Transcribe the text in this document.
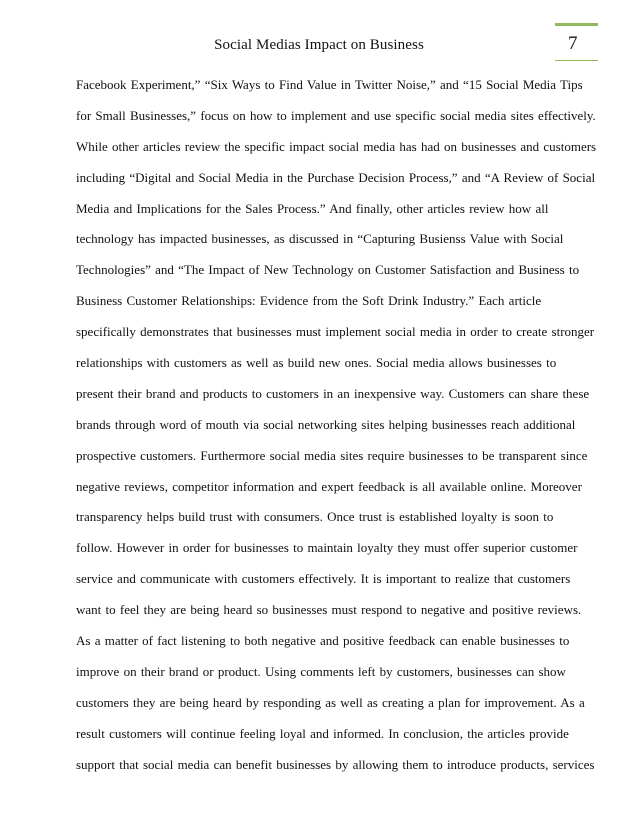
Social Medias Impact on Business	7
Facebook Experiment,” “Six Ways to Find Value in Twitter Noise,” and “15 Social Media Tips
for Small Businesses,” focus on how to implement and use specific social media sites effectively.
While other articles review the specific impact social media has had on businesses and customers
including “Digital and Social Media in the Purchase Decision Process,” and “A Review of Social
Media and Implications for the Sales Process.” And finally, other articles review how all
technology has impacted businesses, as discussed in “Capturing Busienss Value with Social
Technologies” and “The Impact of New Technology on Customer Satisfaction and Business to
Business Customer Relationships: Evidence from the Soft Drink Industry.” Each article
specifically demonstrates that businesses must implement social media in order to create stronger
relationships with customers as well as build new ones. Social media allows businesses to
present their brand and products to customers in an inexpensive way. Customers can share these
brands through word of mouth via social networking sites helping businesses reach additional
prospective customers. Furthermore social media sites require businesses to be transparent since
negative reviews, competitor information and expert feedback is all available online. Moreover
transparency helps build trust with consumers. Once trust is established loyalty is soon to
follow. However in order for businesses to maintain loyalty they must offer superior customer
service and communicate with customers effectively. It is important to realize that customers
want to feel they are being heard so businesses must respond to negative and positive reviews.
As a matter of fact listening to both negative and positive feedback can enable businesses to
improve on their brand or product. Using comments left by customers, businesses can show
customers they are being heard by responding as well as creating a plan for improvement. As a
result customers will continue feeling loyal and informed. In conclusion, the articles provide
support that social media can benefit businesses by allowing them to introduce products, services
